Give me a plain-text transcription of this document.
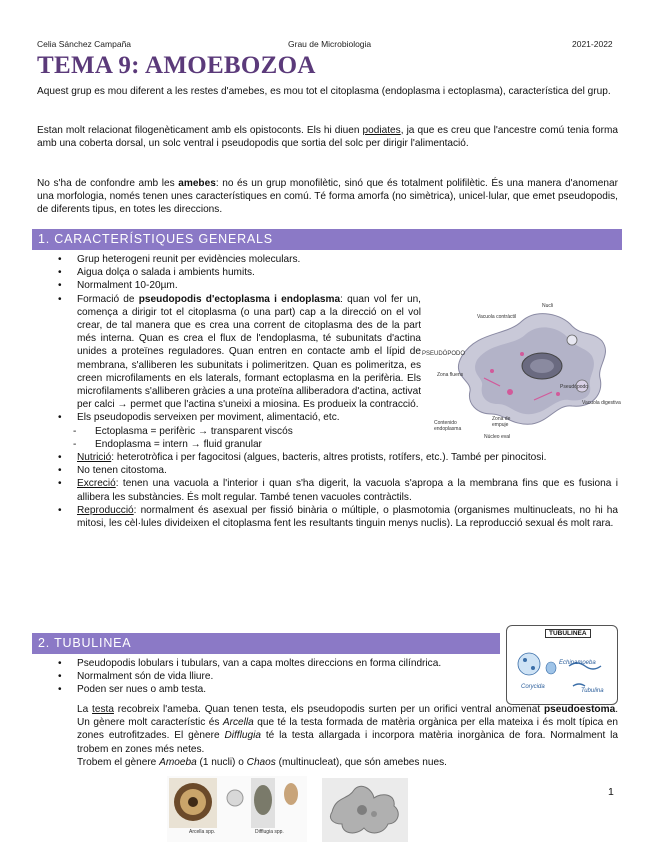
Celia Sánchez Campaña	Grau de Microbiologia	2021-2022
TEMA 9: AMOEBOZOA

Aquest grup es mou diferent a les restes d'amebes, es mou tot el citoplasma (endoplasma i ectoplasma), característica del grup.

Estan molt relacionat filogenèticament amb els opistoconts. Els hi diuen podiates, ja que es creu que l'ancestre comú tenia forma amb una coberta dorsal, un solc ventral i pseudopodis que sortia del solc per dirigir l'alimentació.

No s'ha de confondre amb les amebes: no és un grup monofilètic, sinó que és totalment polifilètic. És una manera d'anomenar una morfologia, només tenen unes característiques en comú. Té forma amorfa (no simètrica), unicel·lular, que emet pseudopodis, de diferents tipus, en totes les direccions.

1. CARACTERÍSTIQUES GENERALS
• Grup heterogeni reunit per evidències moleculars.
• Aigua dolça o salada i ambients humits.
• Normalment 10-20µm.
• Formació de pseudopodis d'ectoplasma i endoplasma: quan vol fer un, comença a dirigir tot el citoplasma (o una part) cap a la direcció on el vol crear, de tal manera que es crea una corrent de citoplasma des de la part més interna. Quan es crea el flux de l'endoplasma, té subunitats d'actina unides a proteïnes reguladores. Quan entren en contacte amb el lípid de membrana, s'alliberen les subunitats i polimeritzen. Quan es polimeritza, es creen microfilaments en els laterals, formant ectoplasma en la perifèria. Els microfilaments s'alliberen gràcies a una proteïna alliberadora d'actina, activat per calci → permet que l'actina s'uneixi a miosina. Es produeix la contracció.
• Els pseudopodis serveixen per moviment, alimentació, etc.
- Ectoplasma = perifèric → transparent viscós
- Endoplasma = intern → fluid granular
• Nutrició: heterotròfica i per fagocitosi (algues, bacteris, altres protists, rotífers, etc.). També per pinocitosi.
• No tenen citostoma.
• Excreció: tenen una vacuola a l'interior i quan s'ha digerit, la vacuola s'apropa a la membrana fins que es fusiona i allibera les substàncies. És molt regular. També tenen vacuoles contràctils.
• Reproducció: normalment és asexual per fissió binària o múltiple, o plasmotomia (organismes multinucleats, no hi ha mitosi, les cèl·lules divideixen el citoplasma fent les resultants tinguin menys nuclis). La reproducció sexual és molt rara.
Vacuola contràctil
Nucli
PSEUDÓPODO
Zona fluens
Pseudópodo
Vacuola digestiva
Zona de empuje
Contenido endoplasma
Núcleo eval
2. TUBULINEA
TUBULINEA
Echinamoeba
Corycida
Tubulina
• Pseudopodis lobulars i tubulars, van a capa moltes direccions en forma cilíndrica.
• Normalment són de vida lliure.
• Poden ser nues o amb testa.
La testa recobreix l'ameba. Quan tenen testa, els pseudopodis surten per un orifici ventral anomenat pseudoestoma. Un gènere molt característic és Arcella que té la testa formada de matèria orgànica per ella mateixa i és molt típica en zones eutrofitzades. El gènere Difflugia té la testa allargada i incorpora matèria inorgànica de fora. Normalment la trobem en zones més netes.
Trobem el gènere Amoeba (1 nucli) o Chaos (multinucleat), que són amebes nues.
Arcella spp.	Difflugia spp.
1
